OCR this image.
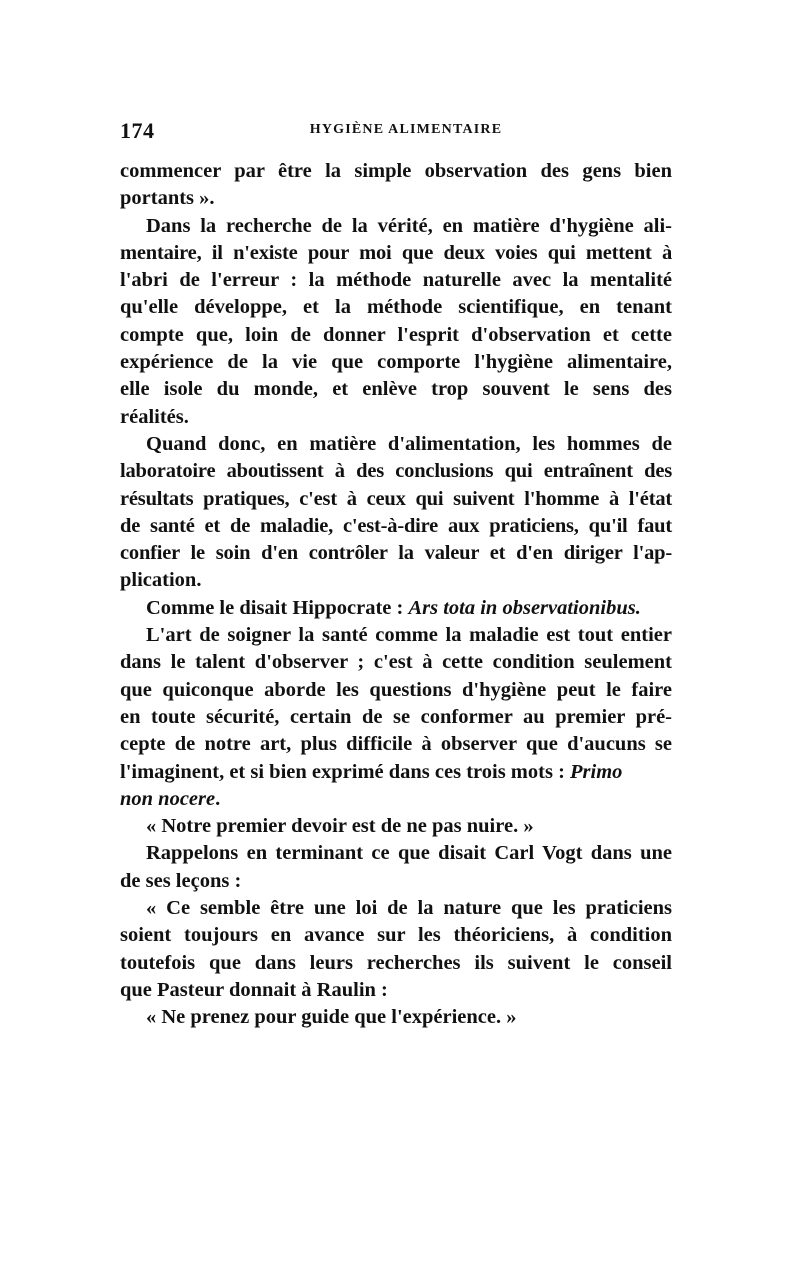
174	HYGIÈNE ALIMENTAIRE
commencer par être la simple observation des gens bien
portants ».
Dans la recherche de la vérité, en matière d'hygiène ali-
mentaire, il n'existe pour moi que deux voies qui mettent à
l'abri de l'erreur : la méthode naturelle avec la mentalité
qu'elle développe, et la méthode scientifique, en tenant
compte que, loin de donner l'esprit d'observation et cette
expérience de la vie que comporte l'hygiène alimentaire,
elle isole du monde, et enlève trop souvent le sens des
réalités.
Quand donc, en matière d'alimentation, les hommes de
laboratoire aboutissent à des conclusions qui entraînent des
résultats pratiques, c'est à ceux qui suivent l'homme à l'état
de santé et de maladie, c'est-à-dire aux praticiens, qu'il faut
confier le soin d'en contrôler la valeur et d'en diriger l'ap-
plication.
Comme le disait Hippocrate : Ars tota in observationibus.
L'art de soigner la santé comme la maladie est tout entier
dans le talent d'observer ; c'est à cette condition seulement
que quiconque aborde les questions d'hygiène peut le faire
en toute sécurité, certain de se conformer au premier pré-
cepte de notre art, plus difficile à observer que d'aucuns se
l'imaginent, et si bien exprimé dans ces trois mots : Primo
non nocere.
« Notre premier devoir est de ne pas nuire. »
Rappelons en terminant ce que disait Carl Vogt dans une
de ses leçons :
« Ce semble être une loi de la nature que les praticiens
soient toujours en avance sur les théoriciens, à condition
toutefois que dans leurs recherches ils suivent le conseil
que Pasteur donnait à Raulin :
« Ne prenez pour guide que l'expérience. »
